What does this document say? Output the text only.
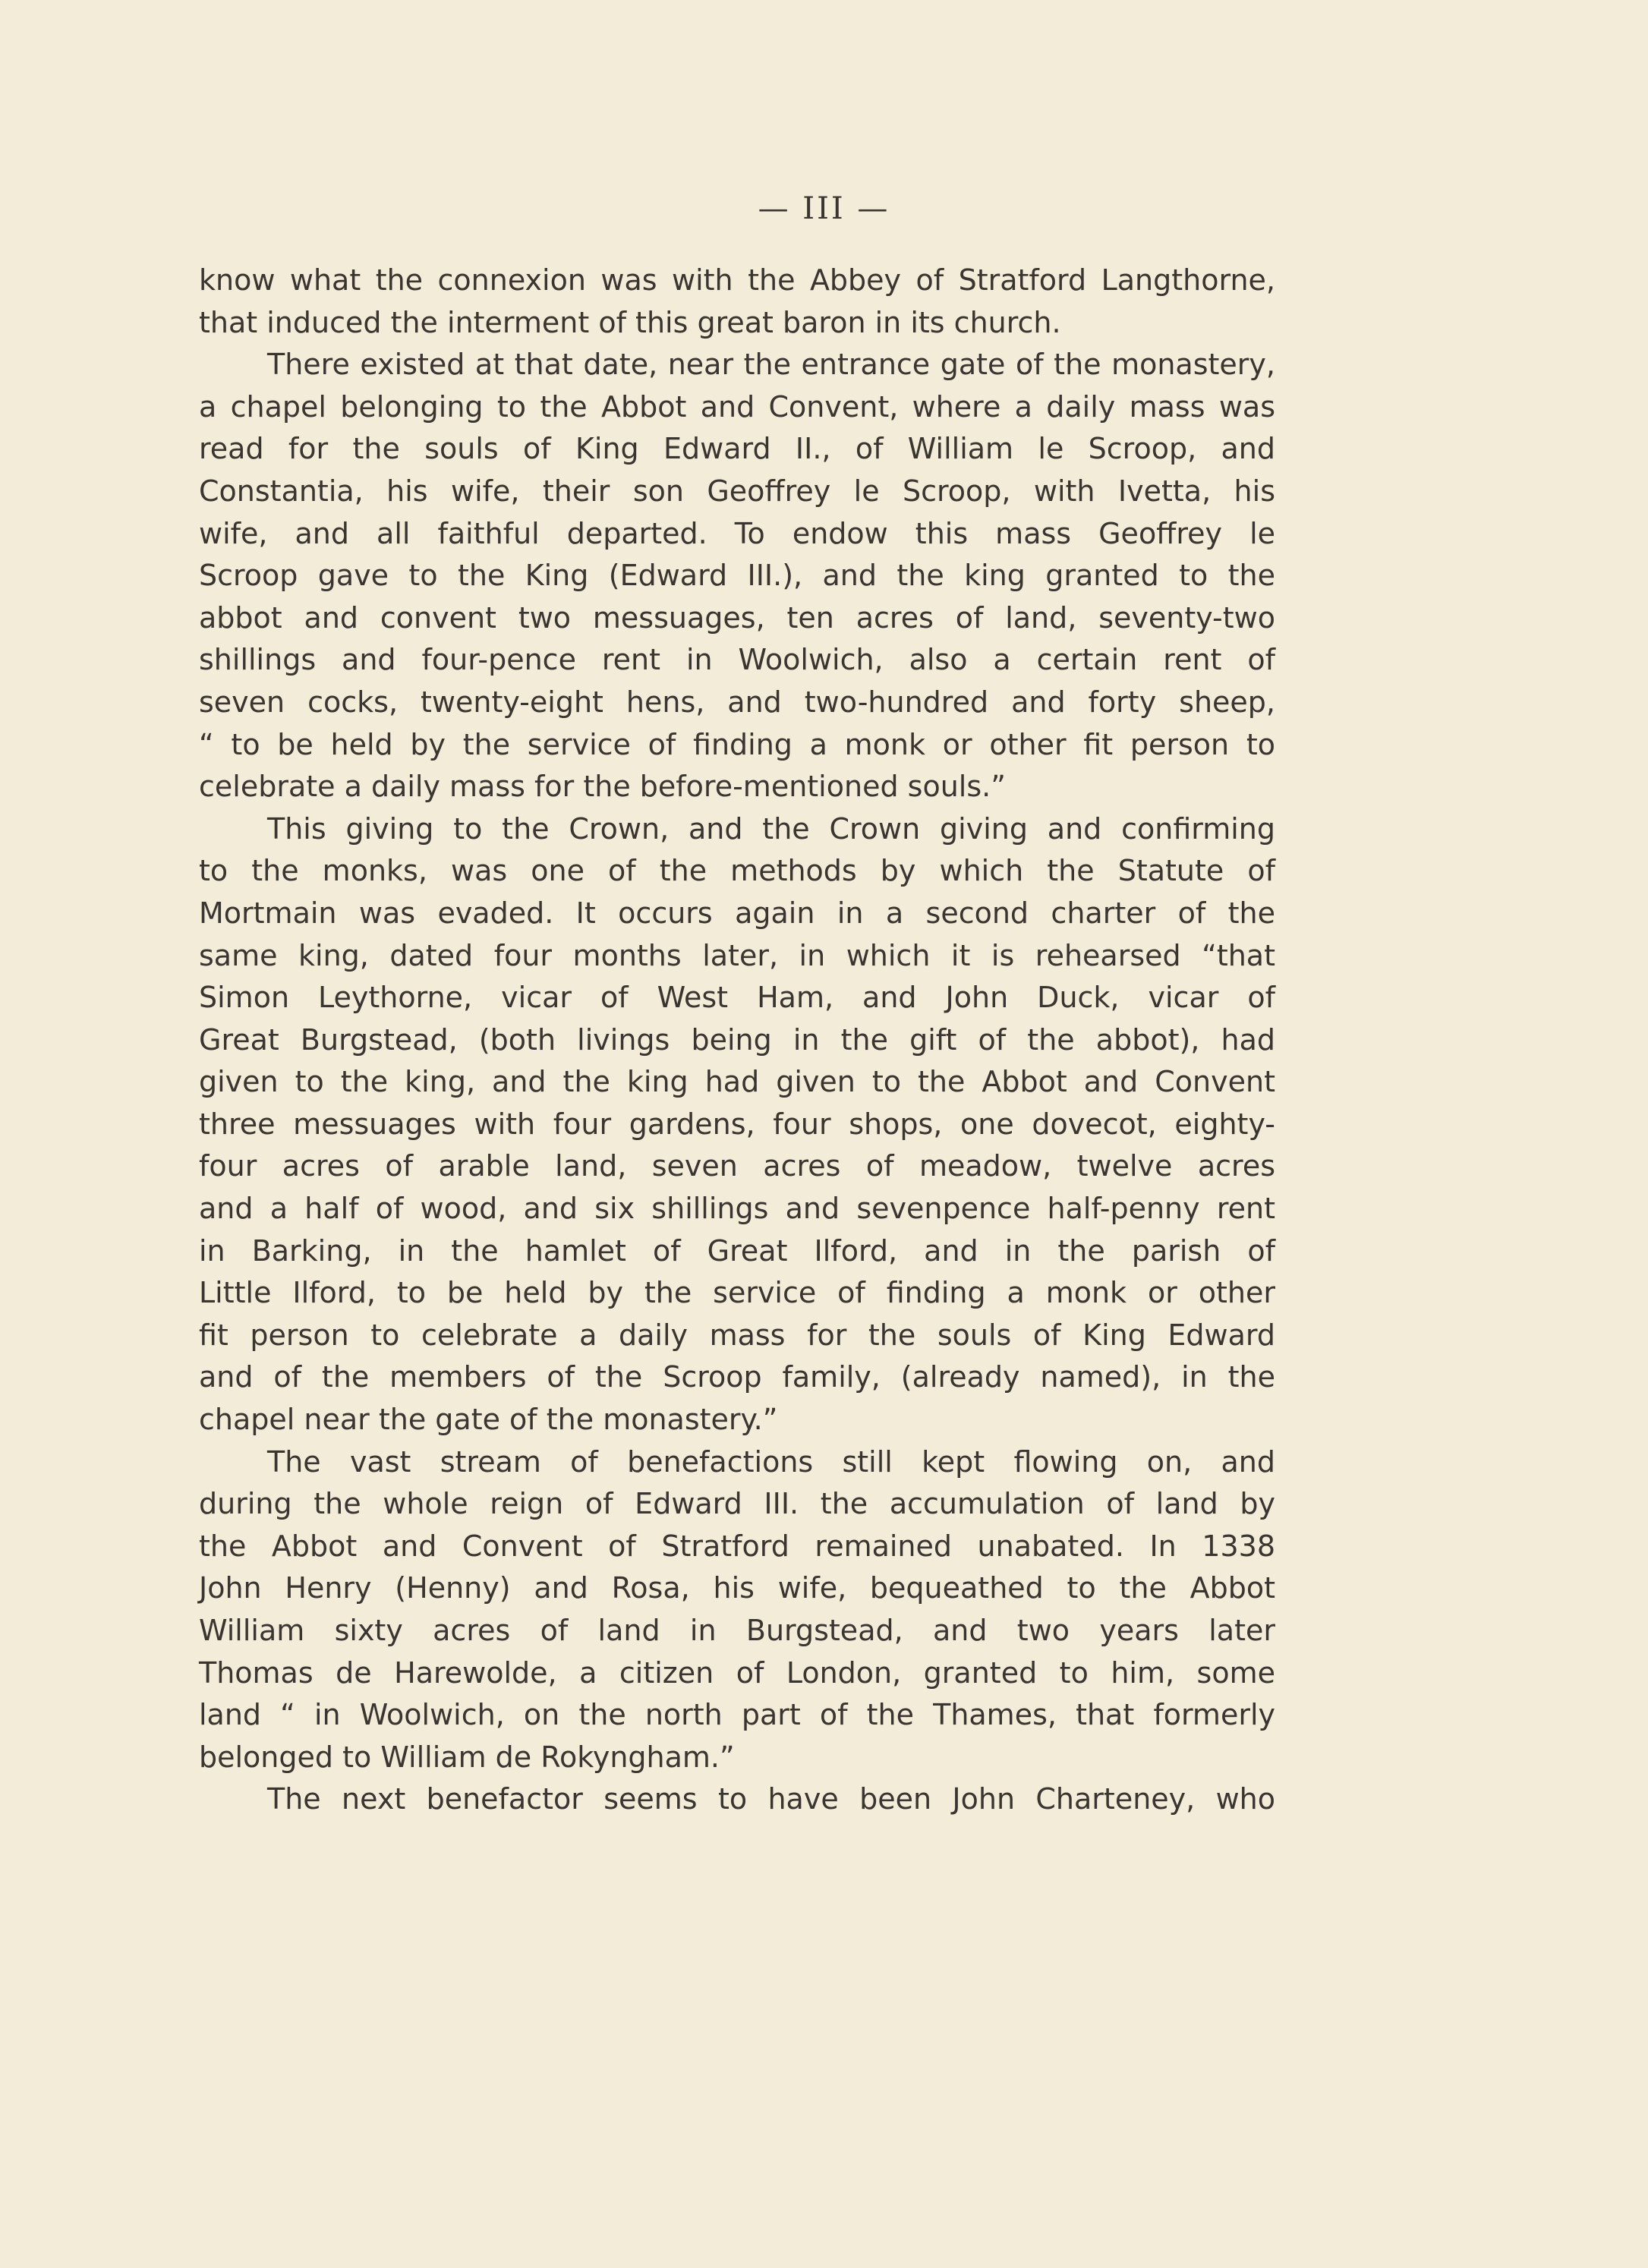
— III —
know what the connexion was with the Abbey of Stratford Langthorne,
that induced the interment of this great baron in its church.
There existed at that date, near the entrance gate of the monastery,
a chapel belonging to the Abbot and Convent, where a daily mass was
read for the souls of King Edward II., of William le Scroop, and
Constantia, his wife, their son Geoffrey le Scroop, with Ivetta, his
wife, and all faithful departed. To endow this mass Geoffrey le
Scroop gave to the King (Edward III.), and the king granted to the
abbot and convent two messuages, ten acres of land, seventy-two
shillings and four-pence rent in Woolwich, also a certain rent of
seven cocks, twenty-eight hens, and two-hundred and forty sheep,
“ to be held by the service of finding a monk or other fit person to
celebrate a daily mass for the before-mentioned souls.”
This giving to the Crown, and the Crown giving and confirming
to the monks, was one of the methods by which the Statute of
Mortmain was evaded. It occurs again in a second charter of the
same king, dated four months later, in which it is rehearsed “that
Simon Leythorne, vicar of West Ham, and John Duck, vicar of
Great Burgstead, (both livings being in the gift of the abbot), had
given to the king, and the king had given to the Abbot and Convent
three messuages with four gardens, four shops, one dovecot, eighty-
four acres of arable land, seven acres of meadow, twelve acres
and a half of wood, and six shillings and sevenpence half-penny rent
in Barking, in the hamlet of Great Ilford, and in the parish of
Little Ilford, to be held by the service of finding a monk or other
fit person to celebrate a daily mass for the souls of King Edward
and of the members of the Scroop family, (already named), in the
chapel near the gate of the monastery.”
The vast stream of benefactions still kept flowing on, and
during the whole reign of Edward III. the accumulation of land by
the Abbot and Convent of Stratford remained unabated. In 1338
John Henry (Henny) and Rosa, his wife, bequeathed to the Abbot
William sixty acres of land in Burgstead, and two years later
Thomas de Harewolde, a citizen of London, granted to him, some
land “ in Woolwich, on the north part of the Thames, that formerly
belonged to William de Rokyngham.”
The next benefactor seems to have been John Charteney, who
